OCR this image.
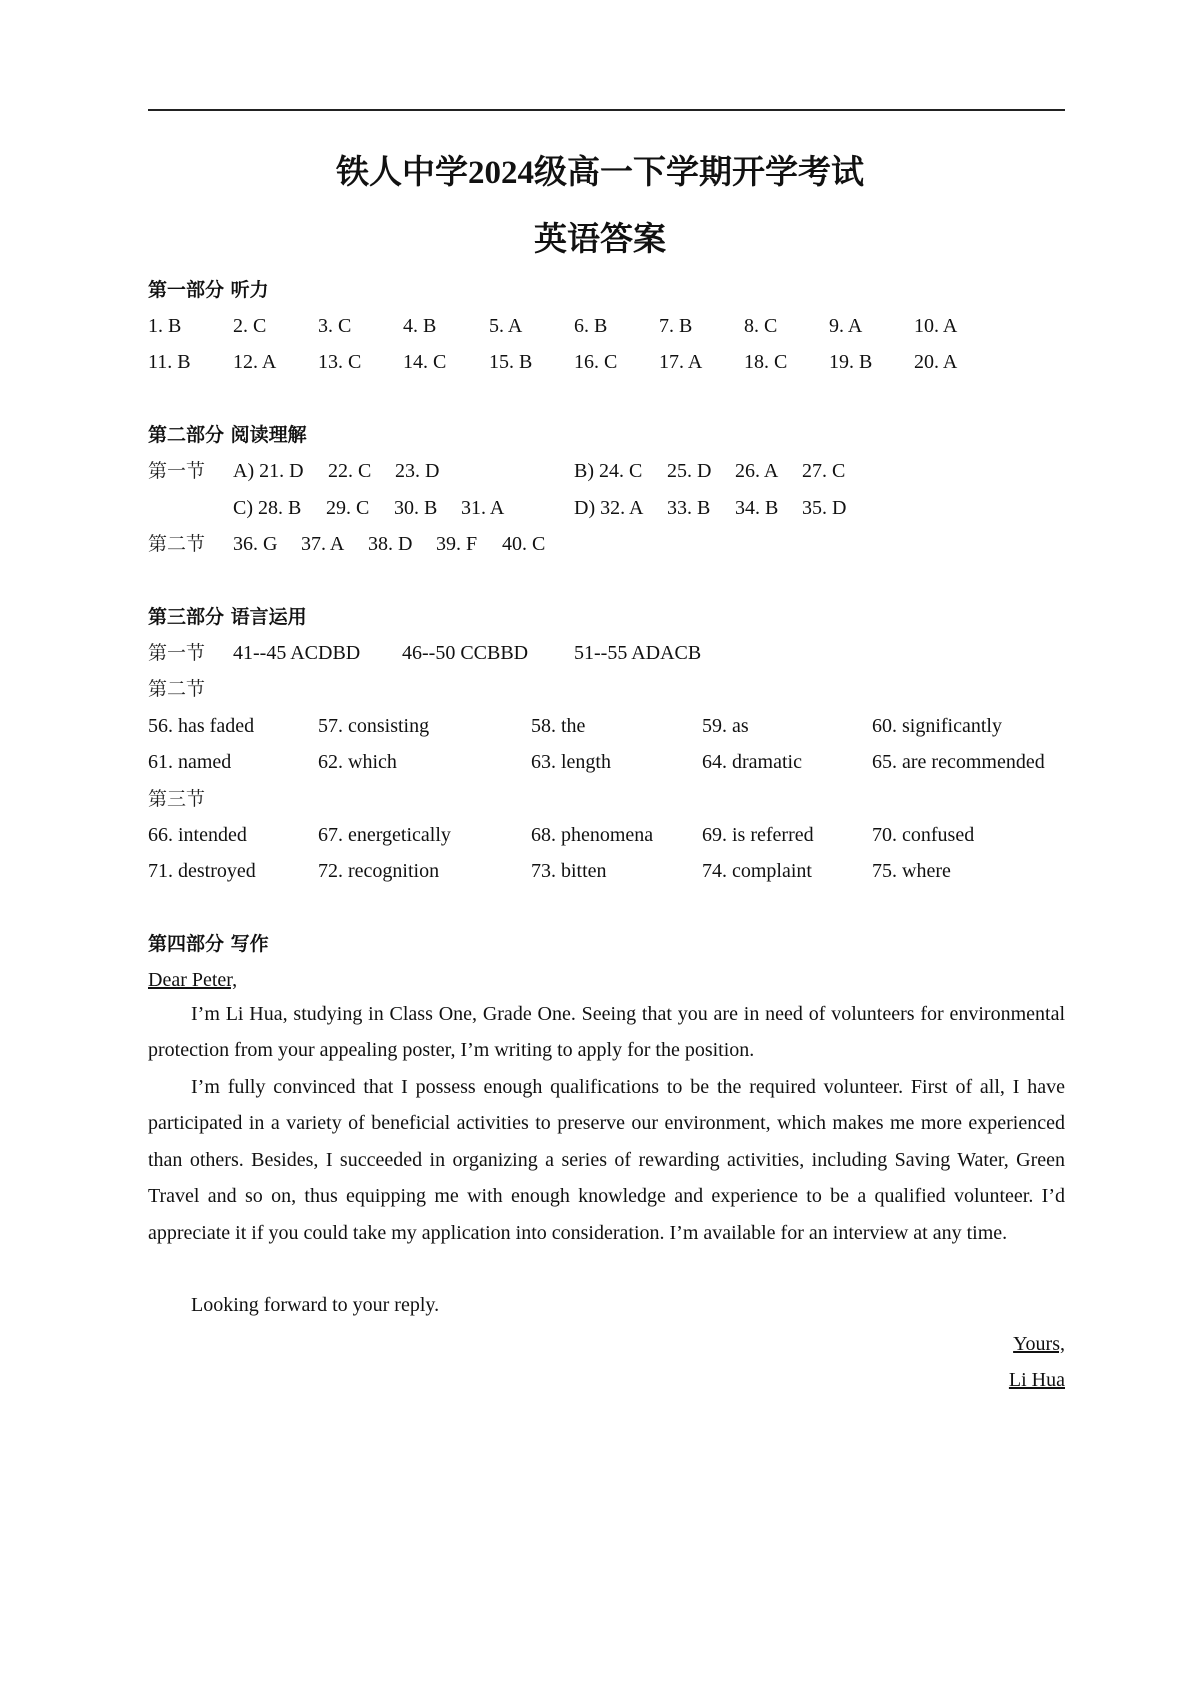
铁人中学2024级高一下学期开学考试
英语答案
第一部分 听力
1. B	2. C	3. C	4. B	5. A	6. B	7. B	8. C	9. A	10. A
11. B 12. A 13. C 14. C 15. B 16. C 17. A 18. C 19. B 20. A
第二部分 阅读理解
第一节 A) 21. D 22. C 23. D	B) 24. C 25. D 26. A 27. C
C) 28. B 29. C 30. B 31. A	D) 32. A 33. B 34. B 35. D
第二节 36. G 37. A 38. D 39. F 40. C
第三部分 语言运用
第一节 41--45 ACDBD 46--50 CCBBD 51--55 ADACB
第二节
56. has faded	57. consisting	58. the	59. as	60. significantly
61. named	62. which	63. length	64. dramatic	65. are recommended
第三节
66. intended	67. energetically	68. phenomena 69. is referred	70. confused
71. destroyed	72. recognition	73. bitten	74. complaint	75. where
第四部分 写作
Dear Peter,

I’m Li Hua, studying in Class One, Grade One. Seeing that you are in need of volunteers for environmental protection from your appealing poster, I’m writing to apply for the position.

I’m fully convinced that I possess enough qualifications to be the required volunteer. First of all, I have participated in a variety of beneficial activities to preserve our environment, which makes me more experienced than others. Besides, I succeeded in organizing a series of rewarding activities, including Saving Water, Green Travel and so on, thus equipping me with enough knowledge and experience to be a qualified volunteer. I’d appreciate it if you could take my application into consideration. I’m available for an interview at any time.

Looking forward to your reply.

Yours,
Li Hua
